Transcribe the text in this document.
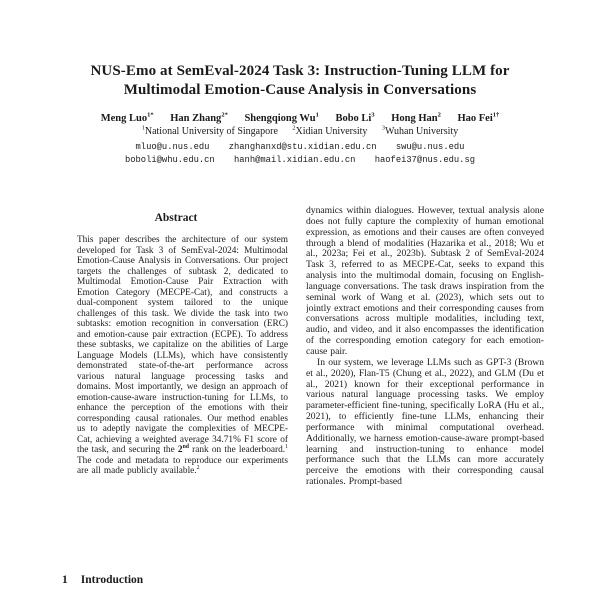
NUS-Emo at SemEval-2024 Task 3: Instruction-Tuning LLM for
Multimodal Emotion-Cause Analysis in Conversations
Meng Luo$^{1*}$ Han Zhang$^{2*}$ Shengqiong Wu$^1$ Bobo Li$^3$ Hong Han$^2$ Hao Fei$^{1\dagger}$
$^1$National University of Singapore $^2$Xidian University $^3$Wuhan University
mluo@u.nus.edu zhanghanxd@stu.xidian.edu.cn swu@u.nus.edu
boboli@whu.edu.cn hanh@mail.xidian.edu.cn haofei37@nus.edu.sg
Abstract

This paper describes the architecture of our system developed for Task 3 of SemEval-2024: Multimodal Emotion-Cause Analysis in Conversations. Our project targets the challenges of subtask 2, dedicated to Multimodal Emotion-Cause Pair Extraction with Emotion Category (MECPE-Cat), and constructs a dual-component system tailored to the unique challenges of this task. We divide the task into two subtasks: emotion recognition in conversation (ERC) and emotion-cause pair extraction (ECPE). To address these subtasks, we capitalize on the abilities of Large Language Models (LLMs), which have consistently demonstrated state-of-the-art performance across various natural language processing tasks and domains. Most importantly, we design an approach of emotion-cause-aware instruction-tuning for LLMs, to enhance the perception of the emotions with their corresponding causal rationales. Our method enables us to adeptly navigate the complexities of MECPE-Cat, achieving a weighted average 34.71% F1 score of the task, and securing the 2nd rank on the leaderboard.$^1$ The code and metadata to reproduce our experiments are all made publicly available.$^2$

1 Introduction

dynamics within dialogues. However, textual analysis alone does not fully capture the complexity of human emotional expression, as emotions and their causes are often conveyed through a blend of modalities (Hazarika et al., 2018; Wu et al., 2023a; Fei et al., 2023b). Subtask 2 of SemEval-2024 Task 3, referred to as MECPE-Cat, seeks to expand this analysis into the multimodal domain, focusing on English-language conversations. The task draws inspiration from the seminal work of Wang et al. (2023), which sets out to jointly extract emotions and their corresponding causes from conversations across multiple modalities, including text, audio, and video, and it also encompasses the identification of the corresponding emotion category for each emotion-cause pair.

In our system, we leverage LLMs such as GPT-3 (Brown et al., 2020), Flan-T5 (Chung et al., 2022), and GLM (Du et al., 2021) known for their exceptional performance in various natural language processing tasks. We employ parameter-efficient fine-tuning, specifically LoRA (Hu et al., 2021), to efficiently fine-tune LLMs, enhancing their performance with minimal computational overhead. Additionally, we harness emotion-cause-aware prompt-based learning and instruction-tuning to enhance model performance such that the LLMs can more accurately perceive the emotions with their corresponding causal rationales. Prompt-based
